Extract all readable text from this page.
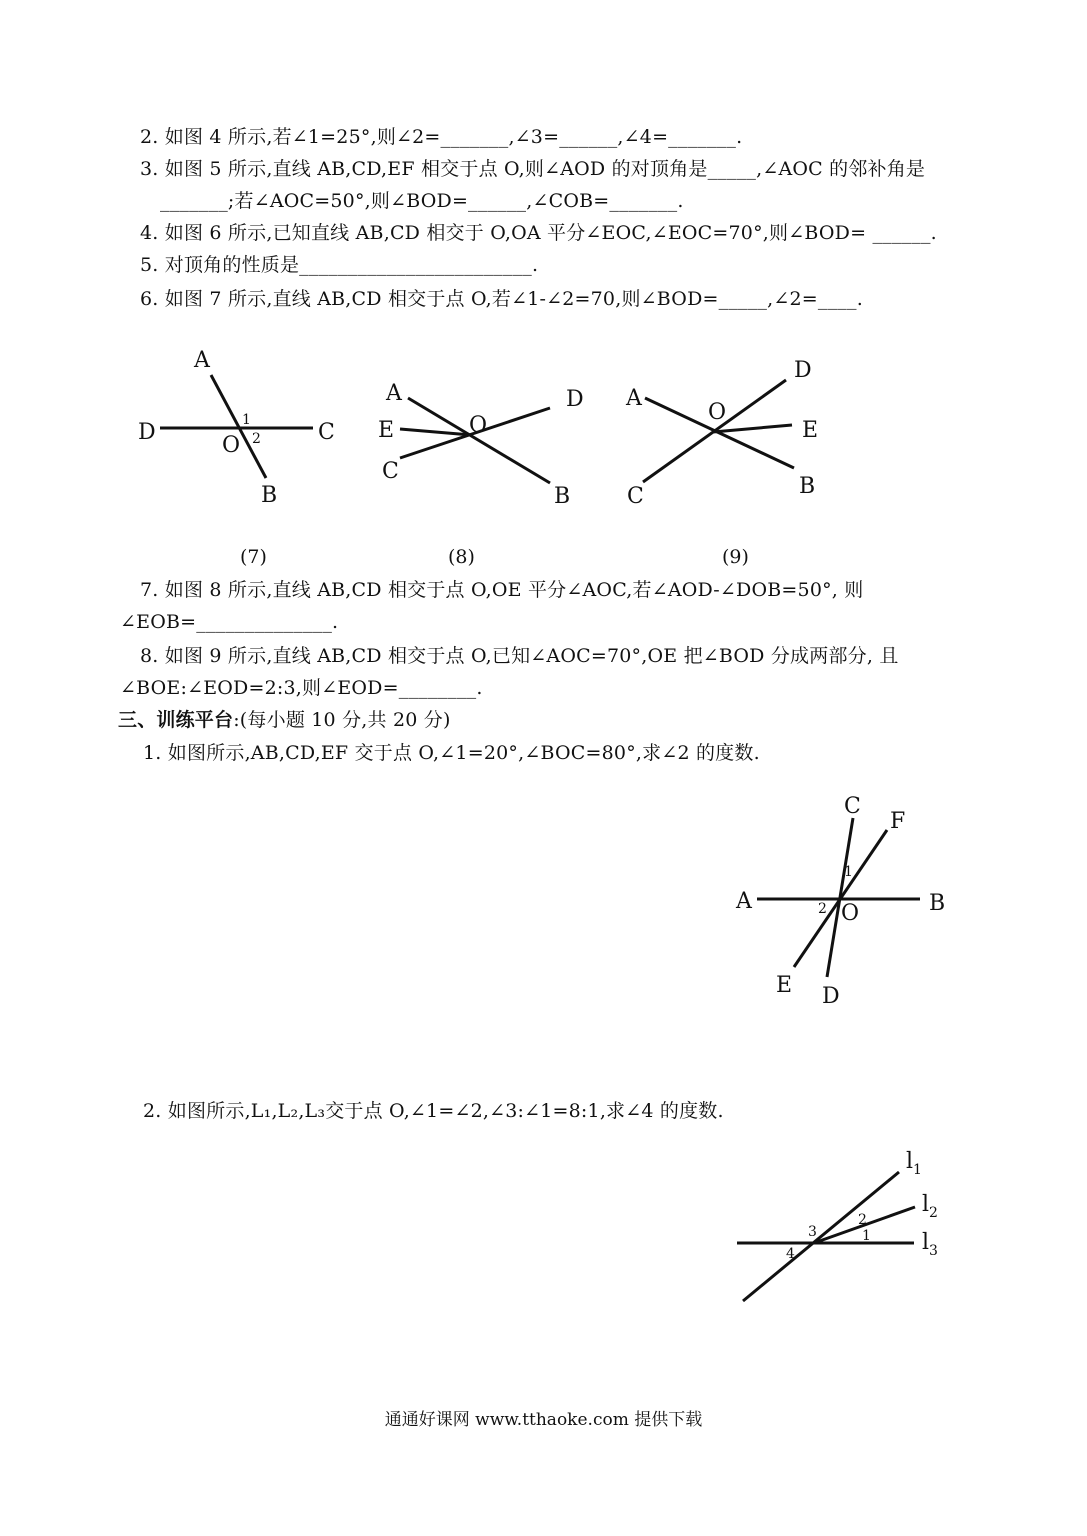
2. 如图 4 所示,若∠1=25°,则∠2=_______,∠3=______,∠4=_______.
3. 如图 5 所示,直线 AB,CD,EF 相交于点 O,则∠AOD 的对顶角是_____,∠AOC 的邻补角是
_______;若∠AOC=50°,则∠BOD=______,∠COB=_______.
4. 如图 6 所示,已知直线 AB,CD 相交于 O,OA 平分∠EOC,∠EOC=70°,则∠BOD= ______.
5. 对顶角的性质是________________________.
6. 如图 7 所示,直线 AB,CD 相交于点 O,若∠1-∠2=70,则∠BOD=_____,∠2=____.
A
D	C
B
O
1
2
A
E
C
D
B
O
A
D
E
B
C
O
C
F
A	B
O
E D
1
2
$l_1$
$l_2$
$l_3$
3
2
1
4
(7)	(8)	(9)
7. 如图 8 所示,直线 AB,CD 相交于点 O,OE 平分∠AOC,若∠AOD-∠DOB=50°, 则
∠EOB=______________.
8. 如图 9 所示,直线 AB,CD 相交于点 O,已知∠AOC=70°,OE 把∠BOD 分成两部分, 且
∠BOE:∠EOD=2:3,则∠EOD=________.
三、训练平台:(每小题 10 分,共 20 分)
1. 如图所示,AB,CD,EF 交于点 O,∠1=20°,∠BOC=80°,求∠2 的度数.
2. 如图所示,L₁,L₂,L₃交于点 O,∠1=∠2,∠3:∠1=8:1,求∠4 的度数.
通通好课网 www.tthaoke.com 提供下载
